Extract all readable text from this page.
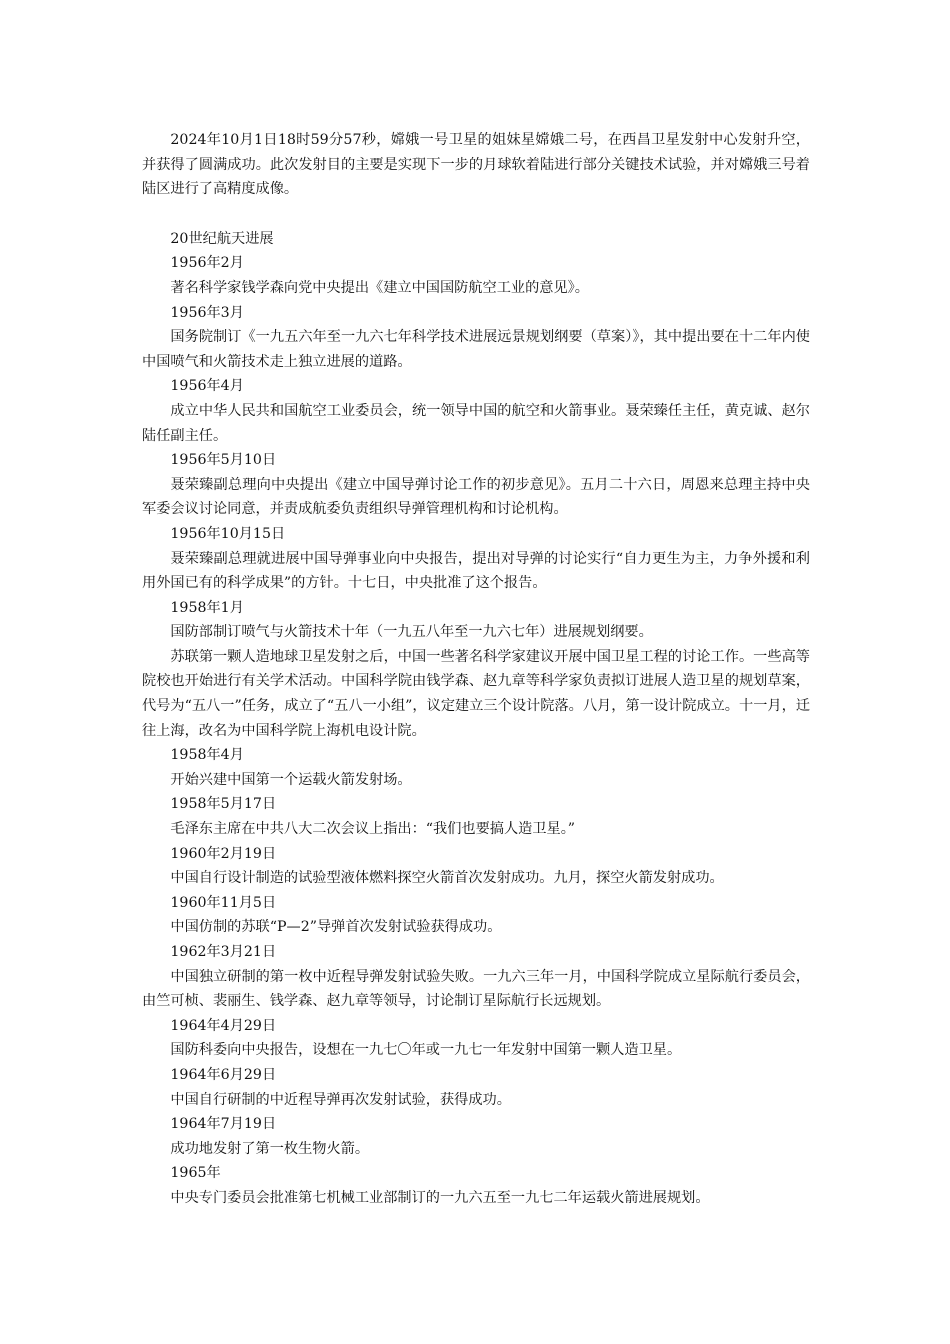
2024年10月1日18时59分57秒，嫦娥一号卫星的姐妹星嫦娥二号，在西昌卫星发射中心发射升空，并获得了圆满成功。此次发射目的主要是实现下一步的月球软着陆进行部分关键技术试验，并对嫦娥三号着陆区进行了高精度成像。

20世纪航天进展

1956年2月

著名科学家钱学森向党中央提出《建立中国国防航空工业的意见》。

1956年3月

国务院制订《一九五六年至一九六七年科学技术进展远景规划纲要（草案）》，其中提出要在十二年内使中国喷气和火箭技术走上独立进展的道路。

1956年4月

成立中华人民共和国航空工业委员会，统一领导中国的航空和火箭事业。聂荣臻任主任，黄克诚、赵尔陆任副主任。

1956年5月10日

聂荣臻副总理向中央提出《建立中国导弹讨论工作的初步意见》。五月二十六日，周恩来总理主持中央军委会议讨论同意，并责成航委负责组织导弹管理机构和讨论机构。

1956年10月15日

聂荣臻副总理就进展中国导弹事业向中央报告，提出对导弹的讨论实行“自力更生为主，力争外援和利用外国已有的科学成果”的方针。十七日，中央批准了这个报告。

1958年1月

国防部制订喷气与火箭技术十年（一九五八年至一九六七年）进展规划纲要。

苏联第一颗人造地球卫星发射之后，中国一些著名科学家建议开展中国卫星工程的讨论工作。一些高等院校也开始进行有关学术活动。中国科学院由钱学森、赵九章等科学家负责拟订进展人造卫星的规划草案，代号为“五八一”任务，成立了“五八一小组”，议定建立三个设计院落。八月，第一设计院成立。十一月，迁往上海，改名为中国科学院上海机电设计院。

1958年4月

开始兴建中国第一个运载火箭发射场。

1958年5月17日

毛泽东主席在中共八大二次会议上指出：“我们也要搞人造卫星。”

1960年2月19日

中国自行设计制造的试验型液体燃料探空火箭首次发射成功。九月，探空火箭发射成功。

1960年11月5日

中国仿制的苏联“P—2”导弹首次发射试验获得成功。

1962年3月21日

中国独立研制的第一枚中近程导弹发射试验失败。一九六三年一月，中国科学院成立星际航行委员会，由竺可桢、裴丽生、钱学森、赵九章等领导，讨论制订星际航行长远规划。

1964年4月29日

国防科委向中央报告，设想在一九七〇年或一九七一年发射中国第一颗人造卫星。

1964年6月29日

中国自行研制的中近程导弹再次发射试验，获得成功。

1964年7月19日

成功地发射了第一枚生物火箭。

1965年

中央专门委员会批准第七机械工业部制订的一九六五至一九七二年运载火箭进展规划。
